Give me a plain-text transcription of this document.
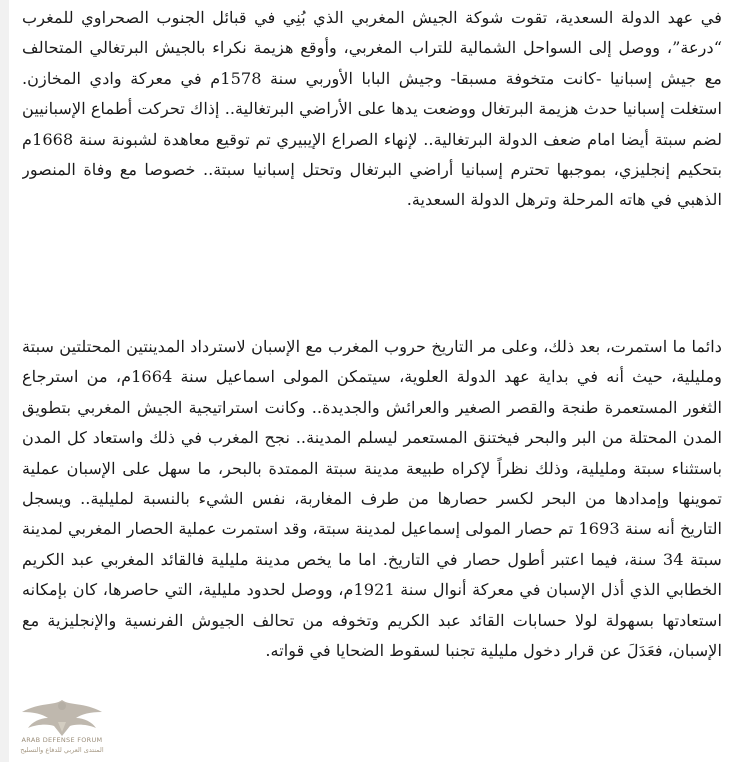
في عهد الدولة السعدية، تقوت شوكة الجيش المغربي الذي بُنِي في قبائل الجنوب الصحراوي للمغرب “درعة”، ووصل إلى السواحل الشمالية للتراب المغربي، وأوقع هزيمة نكراء بالجيش البرتغالي المتحالف مع جيش إسبانيا -كانت متخوفة مسبقا- وجيش البابا الأوربي سنة 1578م في معركة وادي المخازن. استغلت إسبانيا حدث هزيمة البرتغال ووضعت يدها على الأراضي البرتغالية.. إذاك تحركت أطماع الإسبانيين لضم سبتة أيضا امام ضعف الدولة البرتغالية.. لإنهاء الصراع الإيبيري تم توقيع معاهدة لشبونة سنة 1668م بتحكيم إنجليزي، بموجبها تحترم إسبانيا أراضي البرتغال وتحتل إسبانيا سبتة.. خصوصا مع وفاة المنصور الذهبي في هاته المرحلة وترهل الدولة السعدية.

دائما ما استمرت، بعد ذلك، وعلى مر التاريخ حروب المغرب مع الإسبان لاسترداد المدينتين المحتلتين سبتة ومليلية، حيث أنه في بداية عهد الدولة العلوية، سيتمكن المولى اسماعيل سنة 1664م، من استرجاع الثغور المستعمرة طنجة والقصر الصغير والعرائش والجديدة.. وكانت استراتيجية الجيش المغربي بتطويق المدن المحتلة من البر والبحر فيختنق المستعمر ليسلم المدينة.. نجح المغرب في ذلك واستعاد كل المدن باستثناء سبتة ومليلية، وذلك نظراً لإكراه طبيعة مدينة سبتة الممتدة بالبحر، ما سهل على الإسبان عملية تموينها وإمدادها من البحر لكسر حصارها من طرف المغاربة، نفس الشيء بالنسبة لمليلية.. ويسجل التاريخ أنه سنة 1693 تم حصار المولى إسماعيل لمدينة سبتة، وقد استمرت عملية الحصار المغربي لمدينة سبتة 34 سنة، فيما اعتبر أطول حصار في التاريخ. اما ما يخص مدينة مليلية فالقائد المغربي عبد الكريم الخطابي الذي أذل الإسبان في معركة أنوال سنة 1921م، ووصل لحدود مليلية، التي حاصرها، كان بإمكانه استعادتها بسهولة لولا حسابات القائد عبد الكريم وتخوفه من تحالف الجيوش الفرنسية والإنجليزية مع الإسبان، فعَدَلَ عن قرار دخول مليلية تجنبا لسقوط الضحايا في قواته.

ARAB DEFENSE FORUM
المنتدى العربي للدفاع والتسليح
